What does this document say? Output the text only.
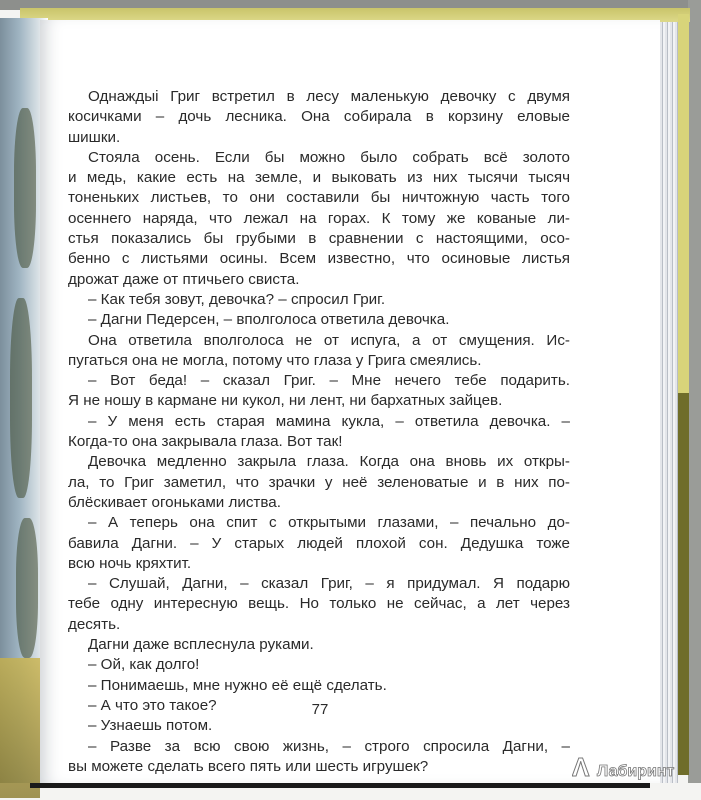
Однаждыi Григ встретил в лесу маленькую девочку с двумя
косичками – дочь лесника. Она собирала в корзину еловые
шишки.
Стояла осень. Если бы можно было собрать всё золото
и медь, какие есть на земле, и выковать из них тысячи тысяч
тоненьких листьев, то они составили бы ничтожную часть того
осеннего наряда, что лежал на горах. К тому же кованые ли-
стья показались бы грубыми в сравнении с настоящими, осо-
бенно с листьями осины. Всем известно, что осиновые листья
дрожат даже от птичьего свиста.
– Как тебя зовут, девочка? – спросил Григ.
– Дагни Педерсен, – вполголоса ответила девочка.
Она ответила вполголоса не от испуга, а от смущения. Ис-
пугаться она не могла, потому что глаза у Грига смеялись.
– Вот беда! – сказал Григ. – Мне нечего тебе подарить.
Я не ношу в кармане ни кукол, ни лент, ни бархатных зайцев.
– У меня есть старая мамина кукла, – ответила девочка. –
Когда-то она закрывала глаза. Вот так!
Девочка медленно закрыла глаза. Когда она вновь их откры-
ла, то Григ заметил, что зрачки у неё зеленоватые и в них по-
блёскивает огоньками листва.
– А теперь она спит с открытыми глазами, – печально до-
бавила Дагни. – У старых людей плохой сон. Дедушка тоже
всю ночь кряхтит.
– Слушай, Дагни, – сказал Григ, – я придумал. Я подарю
тебе одну интересную вещь. Но только не сейчас, а лет через
десять.
Дагни даже всплеснула руками.
– Ой, как долго!
– Понимаешь, мне нужно её ещё сделать.
– А что это такое?
– Узнаешь потом.
– Разве за всю свою жизнь, – строго спросила Дагни, –
вы можете сделать всего пять или шесть игрушек?
77
Λ Лабиринт
